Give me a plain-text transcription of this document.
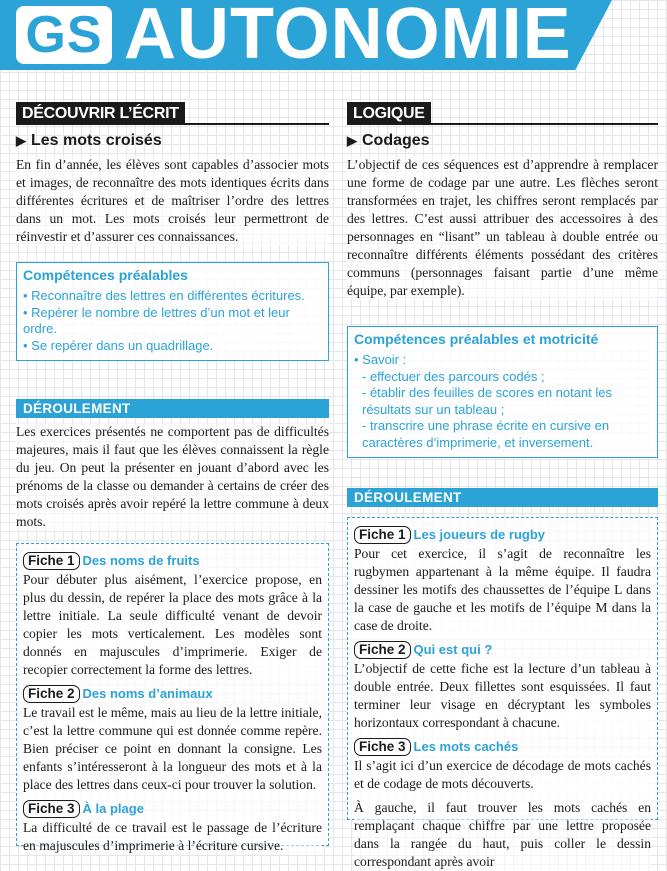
GS AUTONOMIE
DÉCOUVRIR L’ÉCRIT
▶ Les mots croisés

En fin d’année, les élèves sont capables d’associer mots et images, de reconnaître des mots identiques écrits dans différentes écritures et de maîtriser l’ordre des lettres dans un mot. Les mots croisés leur permettront de réinvestir et d’assurer ces connaissances.

Compétences préalables
• Reconnaître des lettres en différentes écritures.
• Repérer le nombre de lettres d’un mot et leur ordre.
• Se repérer dans un quadrillage.
DÉROULEMENT

Les exercices présentés ne comportent pas de difficultés majeures, mais il faut que les élèves connaissent la règle du jeu. On peut la présenter en jouant d’abord avec les prénoms de la classe ou demander à certains de créer des mots croisés après avoir repéré la lettre commune à deux mots.

Fiche 1 Des noms de fruits

Pour débuter plus aisément, l’exercice propose, en plus du dessin, de repérer la place des mots grâce à la lettre initiale. La seule difficulté venant de devoir copier les mots verticalement. Les modèles sont donnés en majuscules d’imprimerie. Exiger de recopier correctement la forme des lettres.

Fiche 2 Des noms d’animaux

Le travail est le même, mais au lieu de la lettre initiale, c’est la lettre commune qui est donnée comme repère. Bien préciser ce point en donnant la consigne. Les enfants s’intéresseront à la longueur des mots et à la place des lettres dans ceux-ci pour trouver la solution.

Fiche 3 À la plage

La difficulté de ce travail est le passage de l’écriture en majuscules d’imprimerie à l’écriture cursive.

LOGIQUE
▶ Codages

L’objectif de ces séquences est d’apprendre à remplacer une forme de codage par une autre. Les flèches seront transformées en trajet, les chiffres seront remplacés par des lettres. C’est aussi attribuer des accessoires à des personnages en “lisant” un tableau à double entrée ou reconnaître différents éléments possédant des critères communs (personnages faisant partie d’une même équipe, par exemple).

Compétences préalables et motricité
• Savoir :
- effectuer des parcours codés ;
- établir des feuilles de scores en notant les résultats sur un tableau ;
- transcrire une phrase écrite en cursive en caractères d’imprimerie, et inversement.
DÉROULEMENT
Fiche 1 Les joueurs de rugby

Pour cet exercice, il s’agit de reconnaître les rugbymen appartenant à la même équipe. Il faudra dessiner les motifs des chaussettes de l’équipe L dans la case de gauche et les motifs de l’équipe M dans la case de droite.

Fiche 2 Qui est qui ?

L’objectif de cette fiche est la lecture d’un tableau à double entrée. Deux fillettes sont esquissées. Il faut terminer leur visage en décryptant les symboles horizontaux correspondant à chacune.

Fiche 3 Les mots cachés

Il s’agit ici d’un exercice de décodage de mots cachés et de codage de mots découverts.

À gauche, il faut trouver les mots cachés en remplaçant chaque chiffre par une lettre proposée dans la rangée du haut, puis coller le dessin correspondant après avoir
